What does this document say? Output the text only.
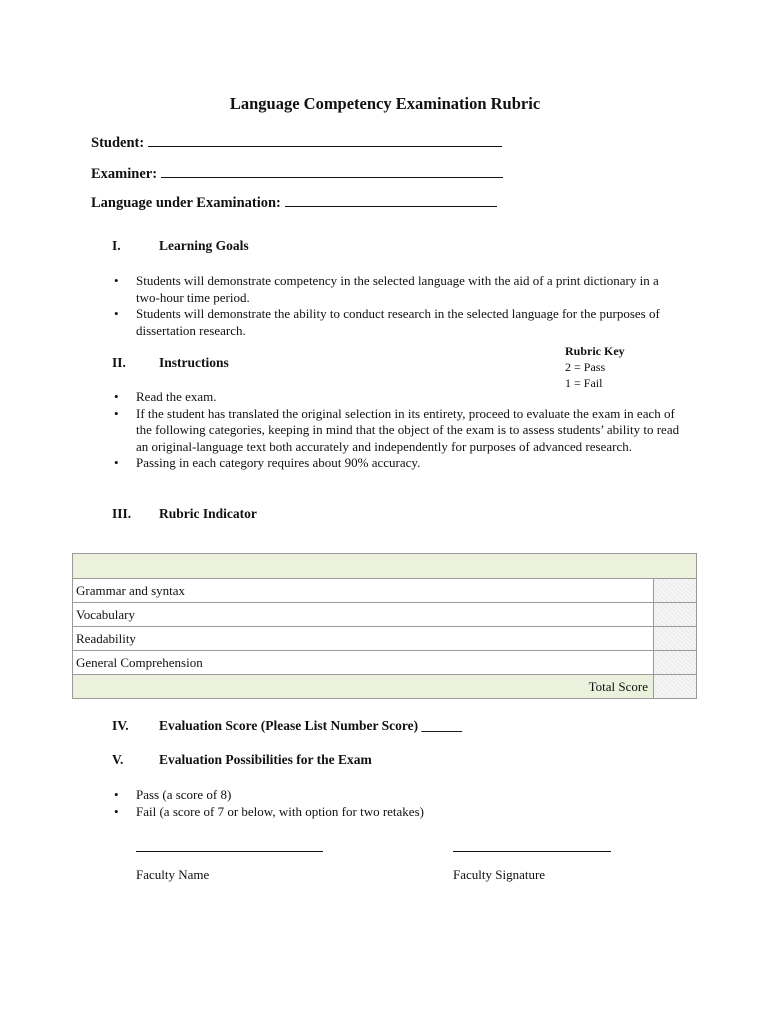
Language Competency Examination Rubric
Student:
Examiner:
Language under Examination:
I.	Learning Goals
• Students will demonstrate competency in the selected language with the aid of a print dictionary in a two-hour time period.
• Students will demonstrate the ability to conduct research in the selected language for the purposes of dissertation research.
Rubric Key
2 = Pass
1 = Fail
II. Instructions
• Read the exam.
• If the student has translated the original selection in its entirety, proceed to evaluate the exam in each of the following categories, keeping in mind that the object of the exam is to assess students’ ability to read an original-language text both accurately and independently for purposes of advanced research.
• Passing in each category requires about 90% accuracy.
III. Rubric Indicator

Grammar and syntax	
Vocabulary	
Readability	
General Comprehension	
Total Score	
IV. Evaluation Score (Please List Number Score) ______
V.	Evaluation Possibilities for the Exam
• Pass (a score of 8)
• Fail (a score of 7 or below, with option for two retakes)
Faculty Name	Faculty Signature
